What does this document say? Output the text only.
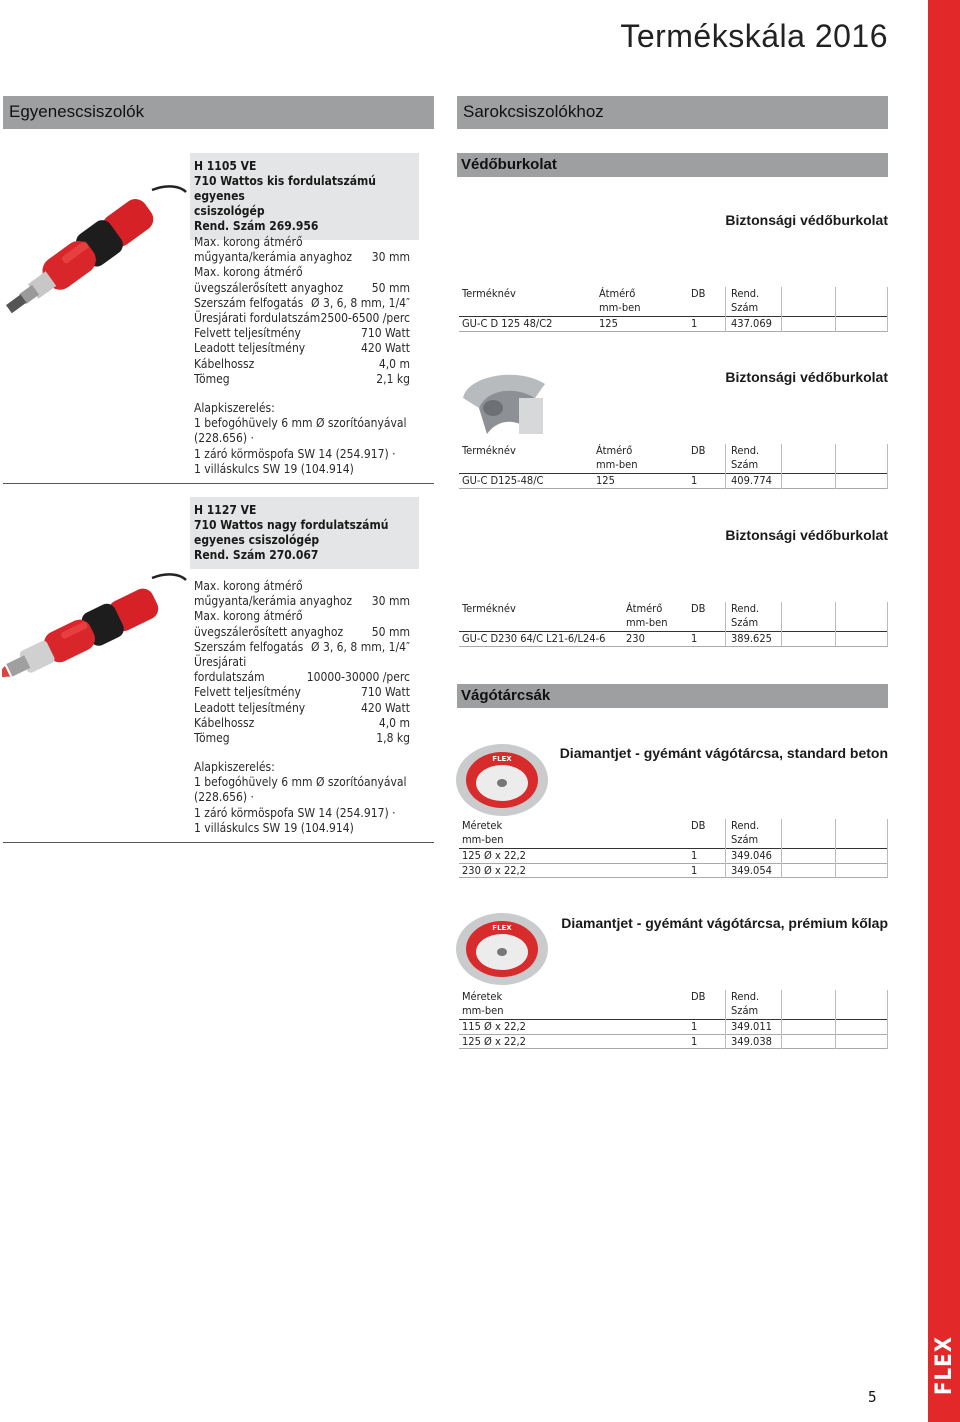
FLEX
Termékskála 2016
Egyenescsiszolók	Sarokcsiszolókhoz
H 1105 VE
710 Wattos kis fordulatszámú egyenes
csiszológép
Rend. Szám 269.956
Max. korong átmérő
műgyanta/kerámia anyaghoz 30 mm
Max. korong átmérő
üvegszálerősített anyaghoz 50 mm
Szerszám felfogatás Ø 3, 6, 8 mm, 1/4″
Üresjárati fordulatszám 2500-6500 /perc
Felvett teljesítmény	710 Watt
Leadott teljesítmény	420 Watt
Kábelhossz	4,0 m
Tömeg	2,1 kg
Alapkiszerelés:
1 befogóhüvely 6 mm Ø szorítóanyával
(228.656) ·
1 záró körmöspofa SW 14 (254.917) ·
1 villáskulcs SW 19 (104.914)
H 1127 VE
710 Wattos nagy fordulatszámú
egyenes csiszológép
Rend. Szám 270.067
Max. korong átmérő
műgyanta/kerámia anyaghoz 30 mm
Max. korong átmérő
üvegszálerősített anyaghoz 50 mm
Szerszám felfogatás Ø 3, 6, 8 mm, 1/4″
Üresjárati
fordulatszám	10000-30000 /perc
Felvett teljesítmény	710 Watt
Leadott teljesítmény	420 Watt
Kábelhossz	4,0 m
Tömeg	1,8 kg
Alapkiszerelés:
1 befogóhüvely 6 mm Ø szorítóanyával
(228.656) ·
1 záró körmöspofa SW 14 (254.917) ·
1 villáskulcs SW 19 (104.914)
Védőburkolat
Biztonsági védőburkolat
Terméknév	Átmérő
mm-ben
DB Rend.
Szám
GU-C D 125 48/C2	125	1	437.069
Biztonsági védőburkolat
Terméknév	Átmérő
mm-ben
DB Rend.
Szám
GU-C D125-48/C	125	1	409.774
Biztonsági védőburkolat
Terméknév	Átmérő
mm-ben
DB Rend.
Szám
GU-C D230 64/C L21-6/L24-6 230	1	389.625
Vágótárcsák
FLEX	Diamantjet - gyémánt vágótárcsa, standard beton
Méretek
mm-ben
DB Rend.
Szám
125 Ø x 22,2	1	349.046
230 Ø x 22,2	1	349.054
FLEX	Diamantjet - gyémánt vágótárcsa, prémium kőlap
Méretek
mm-ben
DB Rend.
Szám
115 Ø x 22,2	1	349.011
125 Ø x 22,2	1	349.038
5
